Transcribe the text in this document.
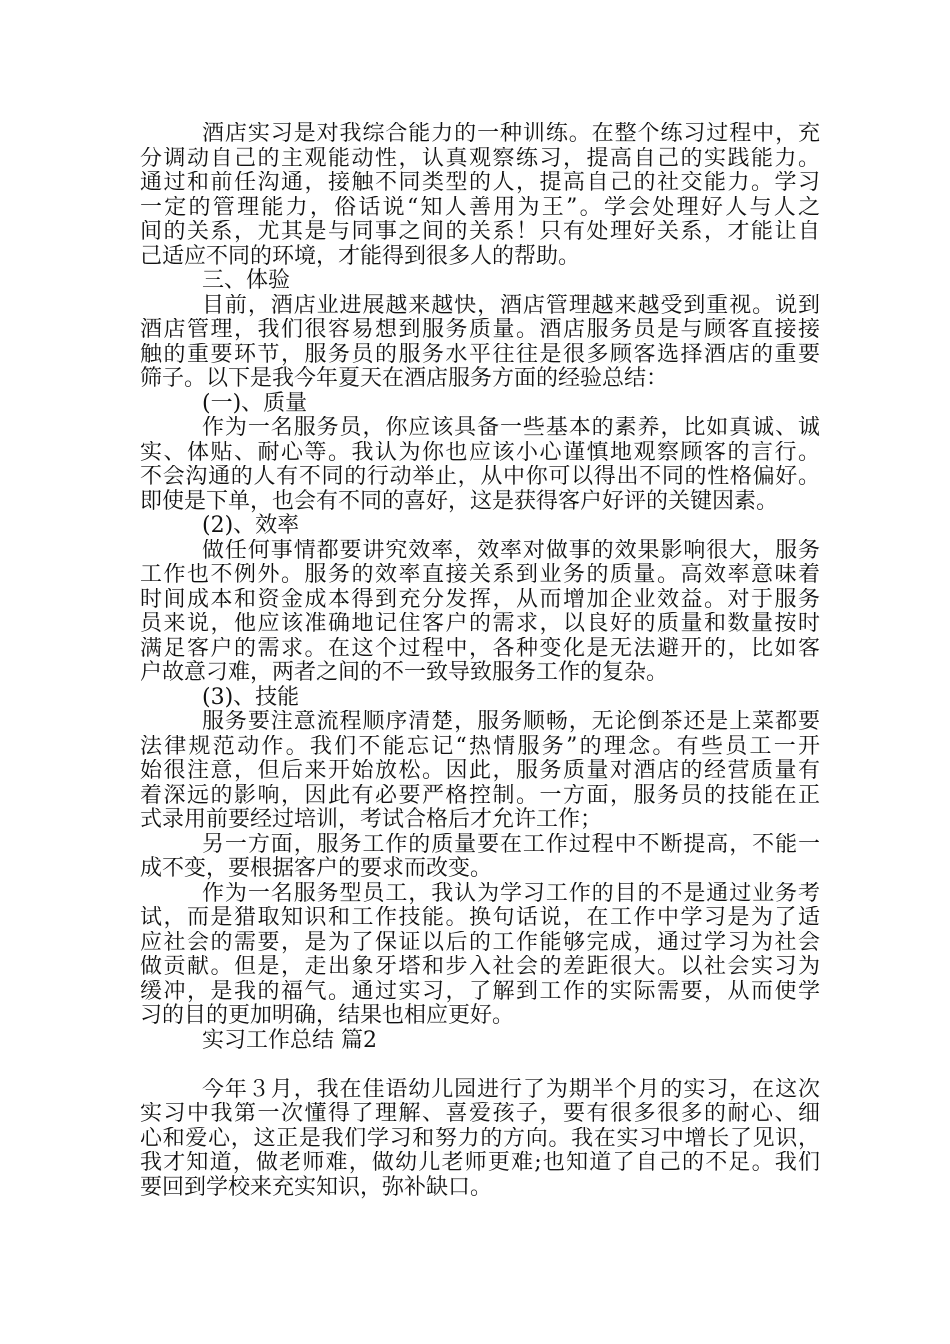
酒店实习是对我综合能力的一种训练。在整个练习过程中，充
分调动自己的主观能动性，认真观察练习，提高自己的实践能力。
通过和前任沟通，接触不同类型的人，提高自己的社交能力。学习
一定的管理能力，俗话说“知人善用为王”。学会处理好人与人之
间的关系，尤其是与同事之间的关系！只有处理好关系，才能让自
己适应不同的环境，才能得到很多人的帮助。
三、体验
目前，酒店业进展越来越快，酒店管理越来越受到重视。说到
酒店管理，我们很容易想到服务质量。酒店服务员是与顾客直接接
触的重要环节，服务员的服务水平往往是很多顾客选择酒店的重要
筛子。以下是我今年夏天在酒店服务方面的经验总结：
(一)、质量
作为一名服务员，你应该具备一些基本的素养，比如真诚、诚
实、体贴、耐心等。我认为你也应该小心谨慎地观察顾客的言行。
不会沟通的人有不同的行动举止，从中你可以得出不同的性格偏好。
即使是下单，也会有不同的喜好，这是获得客户好评的关键因素。
(2)、效率
做任何事情都要讲究效率，效率对做事的效果影响很大，服务
工作也不例外。服务的效率直接关系到业务的质量。高效率意味着
时间成本和资金成本得到充分发挥，从而增加企业效益。对于服务
员来说，他应该准确地记住客户的需求，以良好的质量和数量按时
满足客户的需求。在这个过程中，各种变化是无法避开的，比如客
户故意刁难，两者之间的不一致导致服务工作的复杂。
(3)、技能
服务要注意流程顺序清楚，服务顺畅，无论倒茶还是上菜都要
法律规范动作。我们不能忘记“热情服务”的理念。有些员工一开
始很注意，但后来开始放松。因此，服务质量对酒店的经营质量有
着深远的影响，因此有必要严格控制。一方面，服务员的技能在正
式录用前要经过培训，考试合格后才允许工作；
另一方面，服务工作的质量要在工作过程中不断提高，不能一
成不变，要根据客户的要求而改变。
作为一名服务型员工，我认为学习工作的目的不是通过业务考
试，而是猎取知识和工作技能。换句话说，在工作中学习是为了适
应社会的需要，是为了保证以后的工作能够完成，通过学习为社会
做贡献。但是，走出象牙塔和步入社会的差距很大。以社会实习为
缓冲，是我的福气。通过实习，了解到工作的实际需要，从而使学
习的目的更加明确，结果也相应更好。
实习工作总结 篇2
今年３月，我在佳语幼儿园进行了为期半个月的实习，在这次
实习中我第一次懂得了理解、喜爱孩子，要有很多很多的耐心、细
心和爱心，这正是我们学习和努力的方向。我在实习中增长了见识，
我才知道，做老师难，做幼儿老师更难;也知道了自己的不足。我们
要回到学校来充实知识，弥补缺口。
